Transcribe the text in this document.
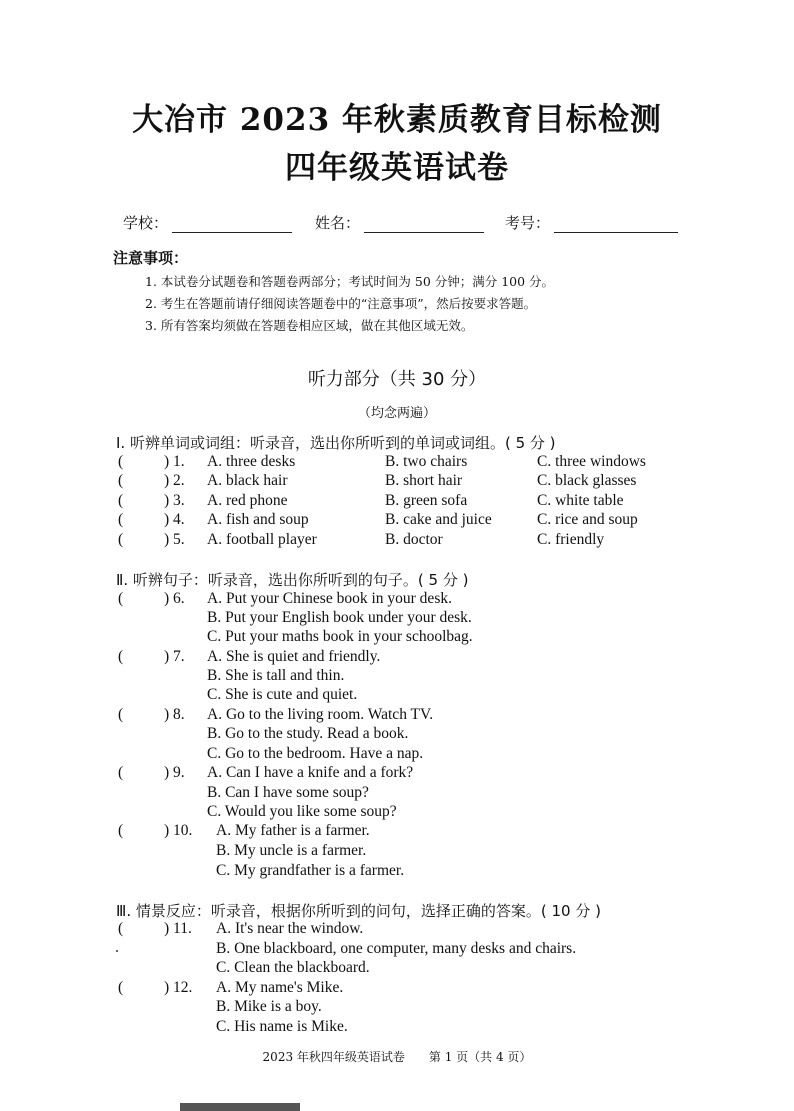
大冶市 2023 年秋素质教育目标检测
四年级英语试卷
学校：	姓名：	考号：
注意事项：
1. 本试卷分试题卷和答题卷两部分；考试时间为 50 分钟；满分 100 分。
2. 考生在答题前请仔细阅读答题卷中的“注意事项”，然后按要求答题。
3. 所有答案均须做在答题卷相应区域，做在其他区域无效。
听力部分（共 30 分）
（均念两遍）
Ⅰ. 听辨单词或词组：听录音，选出你所听到的单词或词组。( 5 分 )
(	) 1. A. three desks	B. two chairs	C. three windows
(	) 2. A. black hair	B. short hair	C. black glasses
(	) 3. A. red phone	B. green sofa	C. white table
(	) 4. A. fish and soup	B. cake and juice	C. rice and soup
(	) 5. A. football player	B. doctor	C. friendly
Ⅱ. 听辨句子：听录音，选出你所听到的句子。( 5 分 )
(	) 6. A. Put your Chinese book in your desk.
B. Put your English book under your desk.
C. Put your maths book in your schoolbag.
(	) 7. A. She is quiet and friendly.
B. She is tall and thin.
C. She is cute and quiet.
(	) 8. A. Go to the living room. Watch TV.
B. Go to the study. Read a book.
C. Go to the bedroom. Have a nap.
(	) 9. A. Can I have a knife and a fork?
B. Can I have some soup?
C. Would you like some soup?
(	) 10. A. My father is a farmer.
B. My uncle is a farmer.
C. My grandfather is a farmer.
Ⅲ. 情景反应：听录音，根据你所听到的问句，选择正确的答案。( 10 分 )
(	) 11. A. It's near the window.
B. One blackboard, one computer, many desks and chairs.
C. Clean the blackboard.
(	) 12. A. My name's Mike.
B. Mike is a boy.
C. His name is Mike.
2023 年秋四年级英语试卷　　第 1 页（共 4 页）
